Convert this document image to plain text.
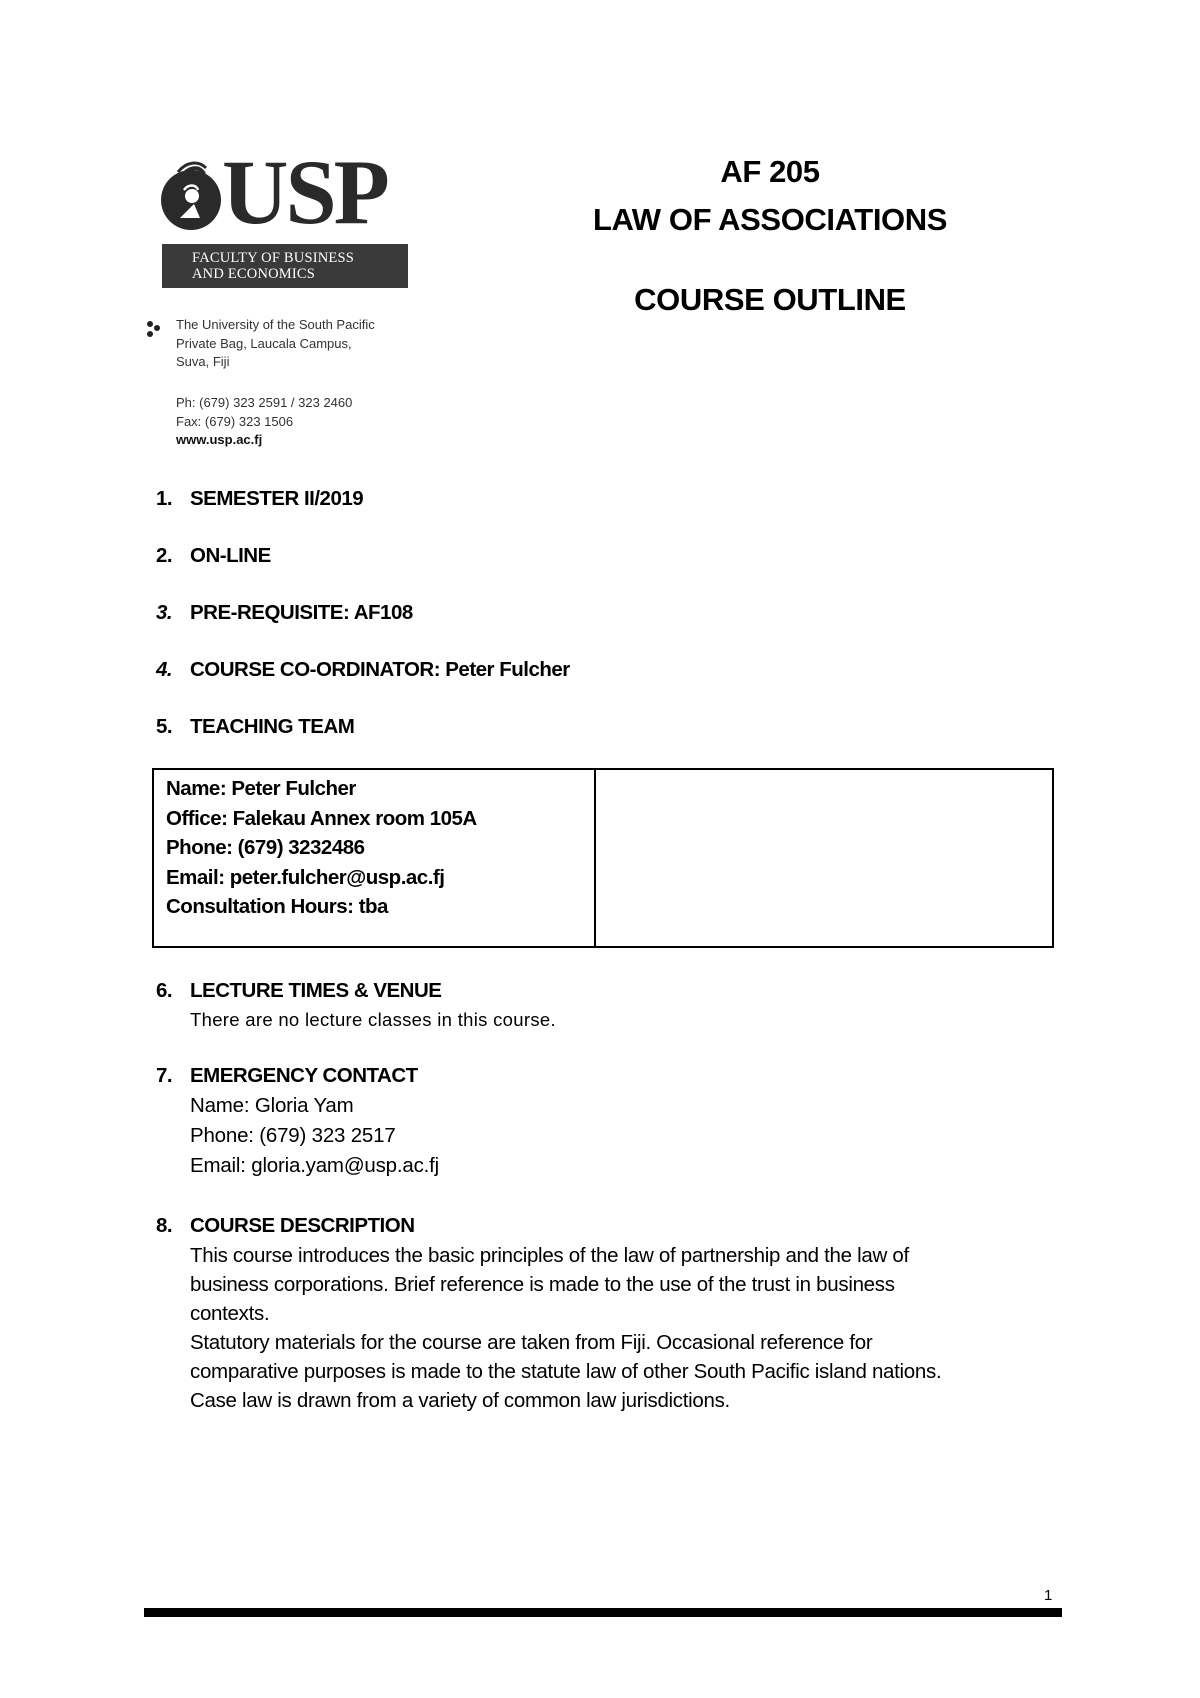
USP
FACULTY OF BUSINESS
AND ECONOMICS
The University of the South Pacific
Private Bag, Laucala Campus,
Suva, Fiji
Ph: (679) 323 2591 / 323 2460
Fax: (679) 323 1506
www.usp.ac.fj
AF 205
LAW OF ASSOCIATIONS
COURSE OUTLINE
1. SEMESTER II/2019
2. ON-LINE
3. PRE-REQUISITE: AF108
4. COURSE CO-ORDINATOR: Peter Fulcher
5. TEACHING TEAM
Name: Peter Fulcher
Office: Falekau Annex room 105A
Phone: (679) 3232486
Email: peter.fulcher@usp.ac.fj
Consultation Hours: tba
6. LECTURE TIMES & VENUE
There are no lecture classes in this course.
7. EMERGENCY CONTACT
Name: Gloria Yam
Phone: (679) 323 2517
Email: gloria.yam@usp.ac.fj
8. COURSE DESCRIPTION
This course introduces the basic principles of the law of partnership and the law of
business corporations. Brief reference is made to the use of the trust in business
contexts.
Statutory materials for the course are taken from Fiji. Occasional reference for
comparative purposes is made to the statute law of other South Pacific island nations.
Case law is drawn from a variety of common law jurisdictions.
1
